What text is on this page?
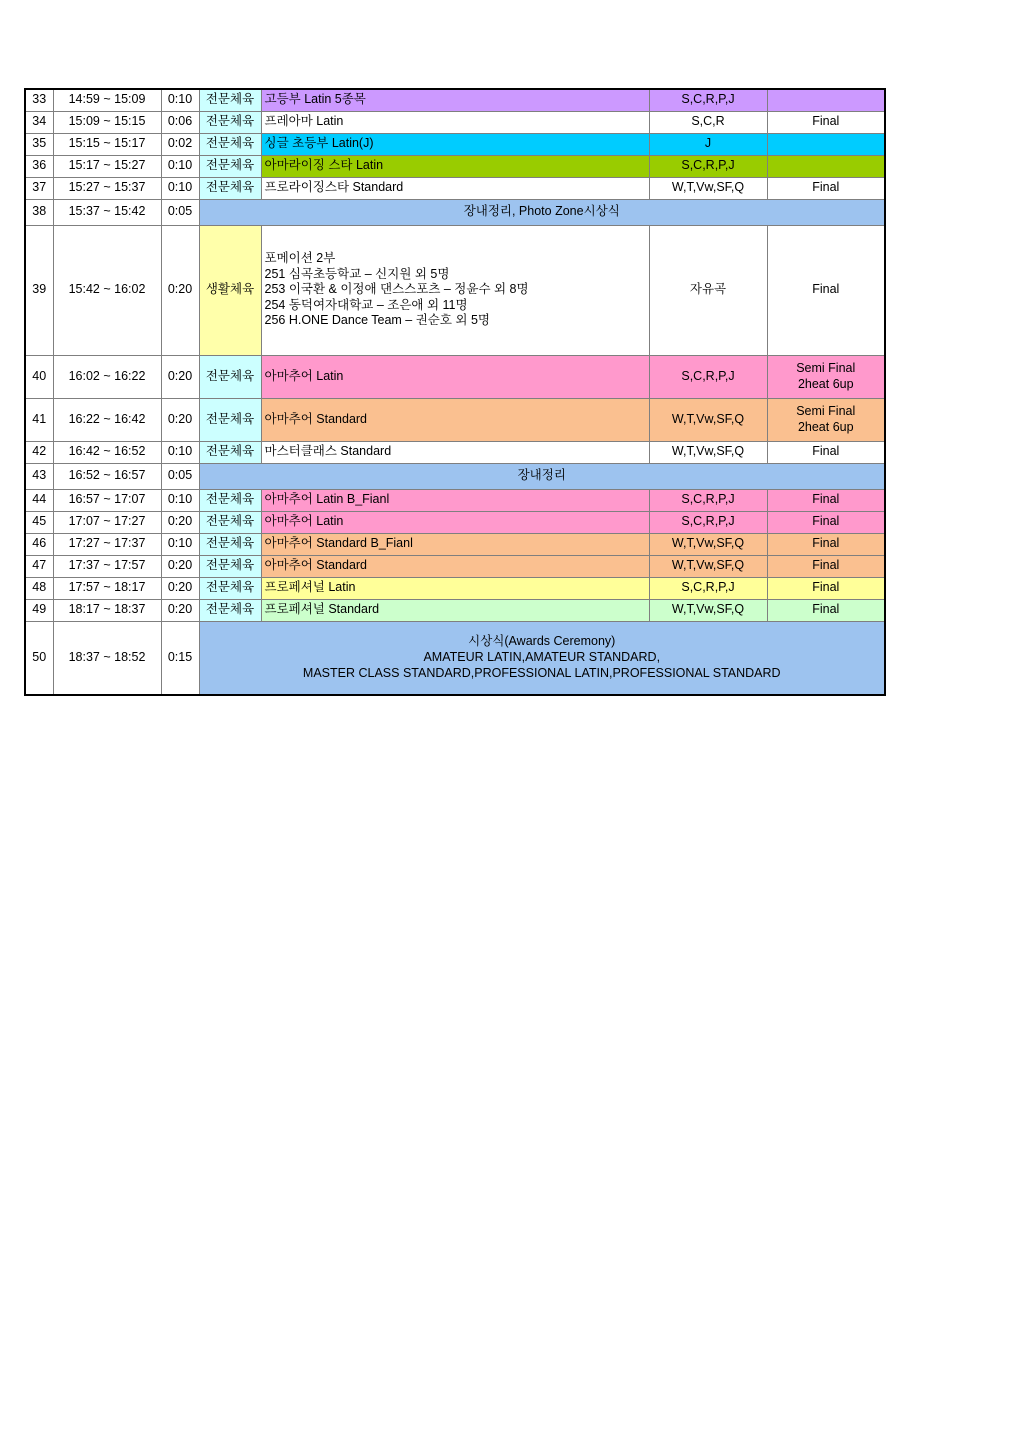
33	14:59 ~ 15:09	0:10	전문체육	고등부 Latin 5종목	S,C,R,P,J	
34	15:09 ~ 15:15	0:06	전문체육	프레아마 Latin	S,C,R	Final
35	15:15 ~ 15:17	0:02	전문체육	싱글 초등부 Latin(J)	J	
36	15:17 ~ 15:27	0:10	전문체육	아마라이징 스타 Latin	S,C,R,P,J	
37	15:27 ~ 15:37	0:10	전문체육	프로라이징스타 Standard	W,T,Vw,SF,Q	Final
38	15:37 ~ 15:42	0:05	장내정리, Photo Zone시상식			
39	15:42 ~ 16:02	0:20	생활체육	포메이션 2부
251 심곡초등학교 – 신지원 외 5명
253 이국환 & 이정애 댄스스포츠 – 정윤수 외 8명
254 동덕여자대학교 – 조은애 외 11명
256 H.ONE Dance Team – 권순호 외 5명	자유곡	Final
40	16:02 ~ 16:22	0:20	전문체육	아마추어 Latin	S,C,R,P,J	Semi Final
2heat 6up

41	16:22 ~ 16:42	0:20	전문체육	아마추어 Standard	W,T,Vw,SF,Q	Semi Final
2heat 6up

42	16:42 ~ 16:52	0:10	전문체육	마스터클래스 Standard	W,T,Vw,SF,Q	Final
43	16:52 ~ 16:57	0:05	장내정리			
44	16:57 ~ 17:07	0:10	전문체육	아마추어 Latin B_Fianl	S,C,R,P,J	Final
45	17:07 ~ 17:27	0:20	전문체육	아마추어 Latin	S,C,R,P,J	Final
46	17:27 ~ 17:37	0:10	전문체육	아마추어 Standard B_Fianl	W,T,Vw,SF,Q	Final
47	17:37 ~ 17:57	0:20	전문체육	아마추어 Standard	W,T,Vw,SF,Q	Final
48	17:57 ~ 18:17	0:20	전문체육	프로페셔널 Latin	S,C,R,P,J	Final
49	18:17 ~ 18:37	0:20	전문체육	프로페셔널 Standard	W,T,Vw,SF,Q	Final
50	18:37 ~ 18:52	0:15	시상식(Awards Ceremony)
AMATEUR LATIN,AMATEUR STANDARD,
MASTER CLASS STANDARD,PROFESSIONAL LATIN,PROFESSIONAL STANDARD			
